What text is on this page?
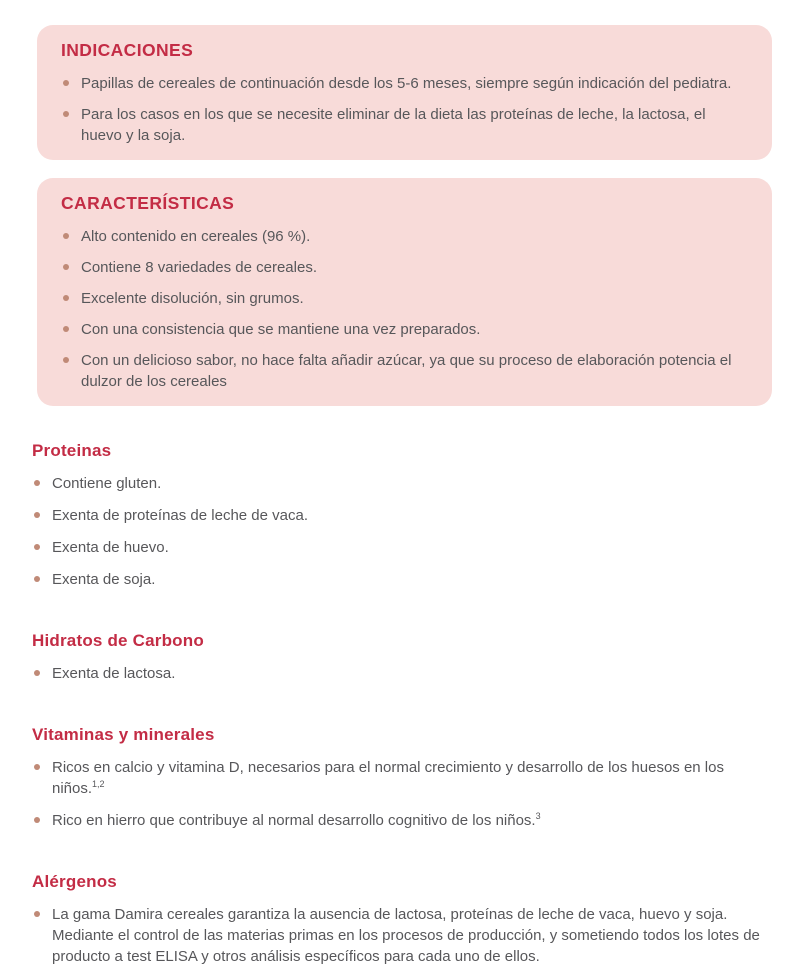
INDICACIONES
Papillas de cereales de continuación desde los 5-6 meses, siempre según indicación del pediatra.
Para los casos en los que se necesite eliminar de la dieta las proteínas de leche, la lactosa, el huevo y la soja.
CARACTERÍSTICAS
Alto contenido en cereales (96 %).
Contiene 8 variedades de cereales.
Excelente disolución, sin grumos.
Con una consistencia que se mantiene una vez preparados.
Con un delicioso sabor, no hace falta añadir azúcar, ya que su proceso de elaboración potencia el dulzor de los cereales
Proteinas
Contiene gluten.
Exenta de proteínas de leche de vaca.
Exenta de huevo.
Exenta de soja.
Hidratos de Carbono
Exenta de lactosa.
Vitaminas y minerales
Ricos en calcio y vitamina D, necesarios para el normal crecimiento y desarrollo de los huesos en los niños.$^{1,2}$
Rico en hierro que contribuye al normal desarrollo cognitivo de los niños.$^3$
Alérgenos
La gama Damira cereales garantiza la ausencia de lactosa, proteínas de leche de vaca, huevo y soja.
Mediante el control de las materias primas en los procesos de producción, y sometiendo todos los lotes de producto a test ELISA y otros análisis específicos para cada uno de ellos.
